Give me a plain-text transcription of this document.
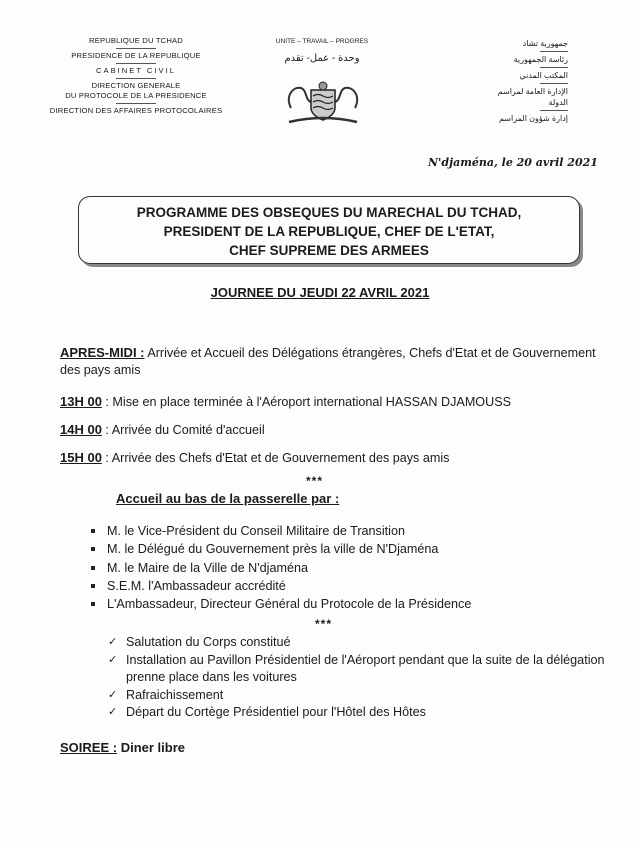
REPUBLIQUE DU TCHAD
PRESIDENCE DE LA REPUBLIQUE
CABINET CIVIL
DIRECTION GENERALE
DU PROTOCOLE DE LA PRESIDENCE
DIRECTION DES AFFAIRES PROTOCOLAIRES
UNITE – TRAVAIL – PROGRES
وحدة - عمل- تقدم
جمهورية تشاد
رئاسة الجمهورية
المكتب المدني
الإدارة العامة لمراسم الدولة
إدارة شؤون المراسم
N'djaména, le 20 avril 2021
PROGRAMME DES OBSEQUES DU MARECHAL DU TCHAD,
PRESIDENT DE LA REPUBLIQUE, CHEF DE L'ETAT,
CHEF SUPREME DES ARMEES
JOURNEE DU JEUDI 22 AVRIL 2021
APRES-MIDI : Arrivée et Accueil des Délégations étrangères, Chefs d'Etat et de Gouvernement des pays amis
13H 00 : Mise en place terminée à l'Aéroport international HASSAN DJAMOUSS
14H 00 : Arrivée du Comité d'accueil
15H 00 : Arrivée des Chefs d'Etat et de Gouvernement des pays amis
***
Accueil au bas de la passerelle par :
M. le Vice-Président du Conseil Militaire de Transition
M. le Délégué du Gouvernement près la ville de N'Djaména
M. le Maire de la Ville de N'djaména
S.E.M. l'Ambassadeur accrédité
L'Ambassadeur, Directeur Général du Protocole de la Présidence
***
✓ Salutation du Corps constitué
✓ Installation au Pavillon Présidentiel de l'Aéroport pendant que la suite de la délégation prenne place dans les voitures
✓ Rafraichissement
✓ Départ du Cortège Présidentiel pour l'Hôtel des Hôtes
SOIREE : Diner libre
